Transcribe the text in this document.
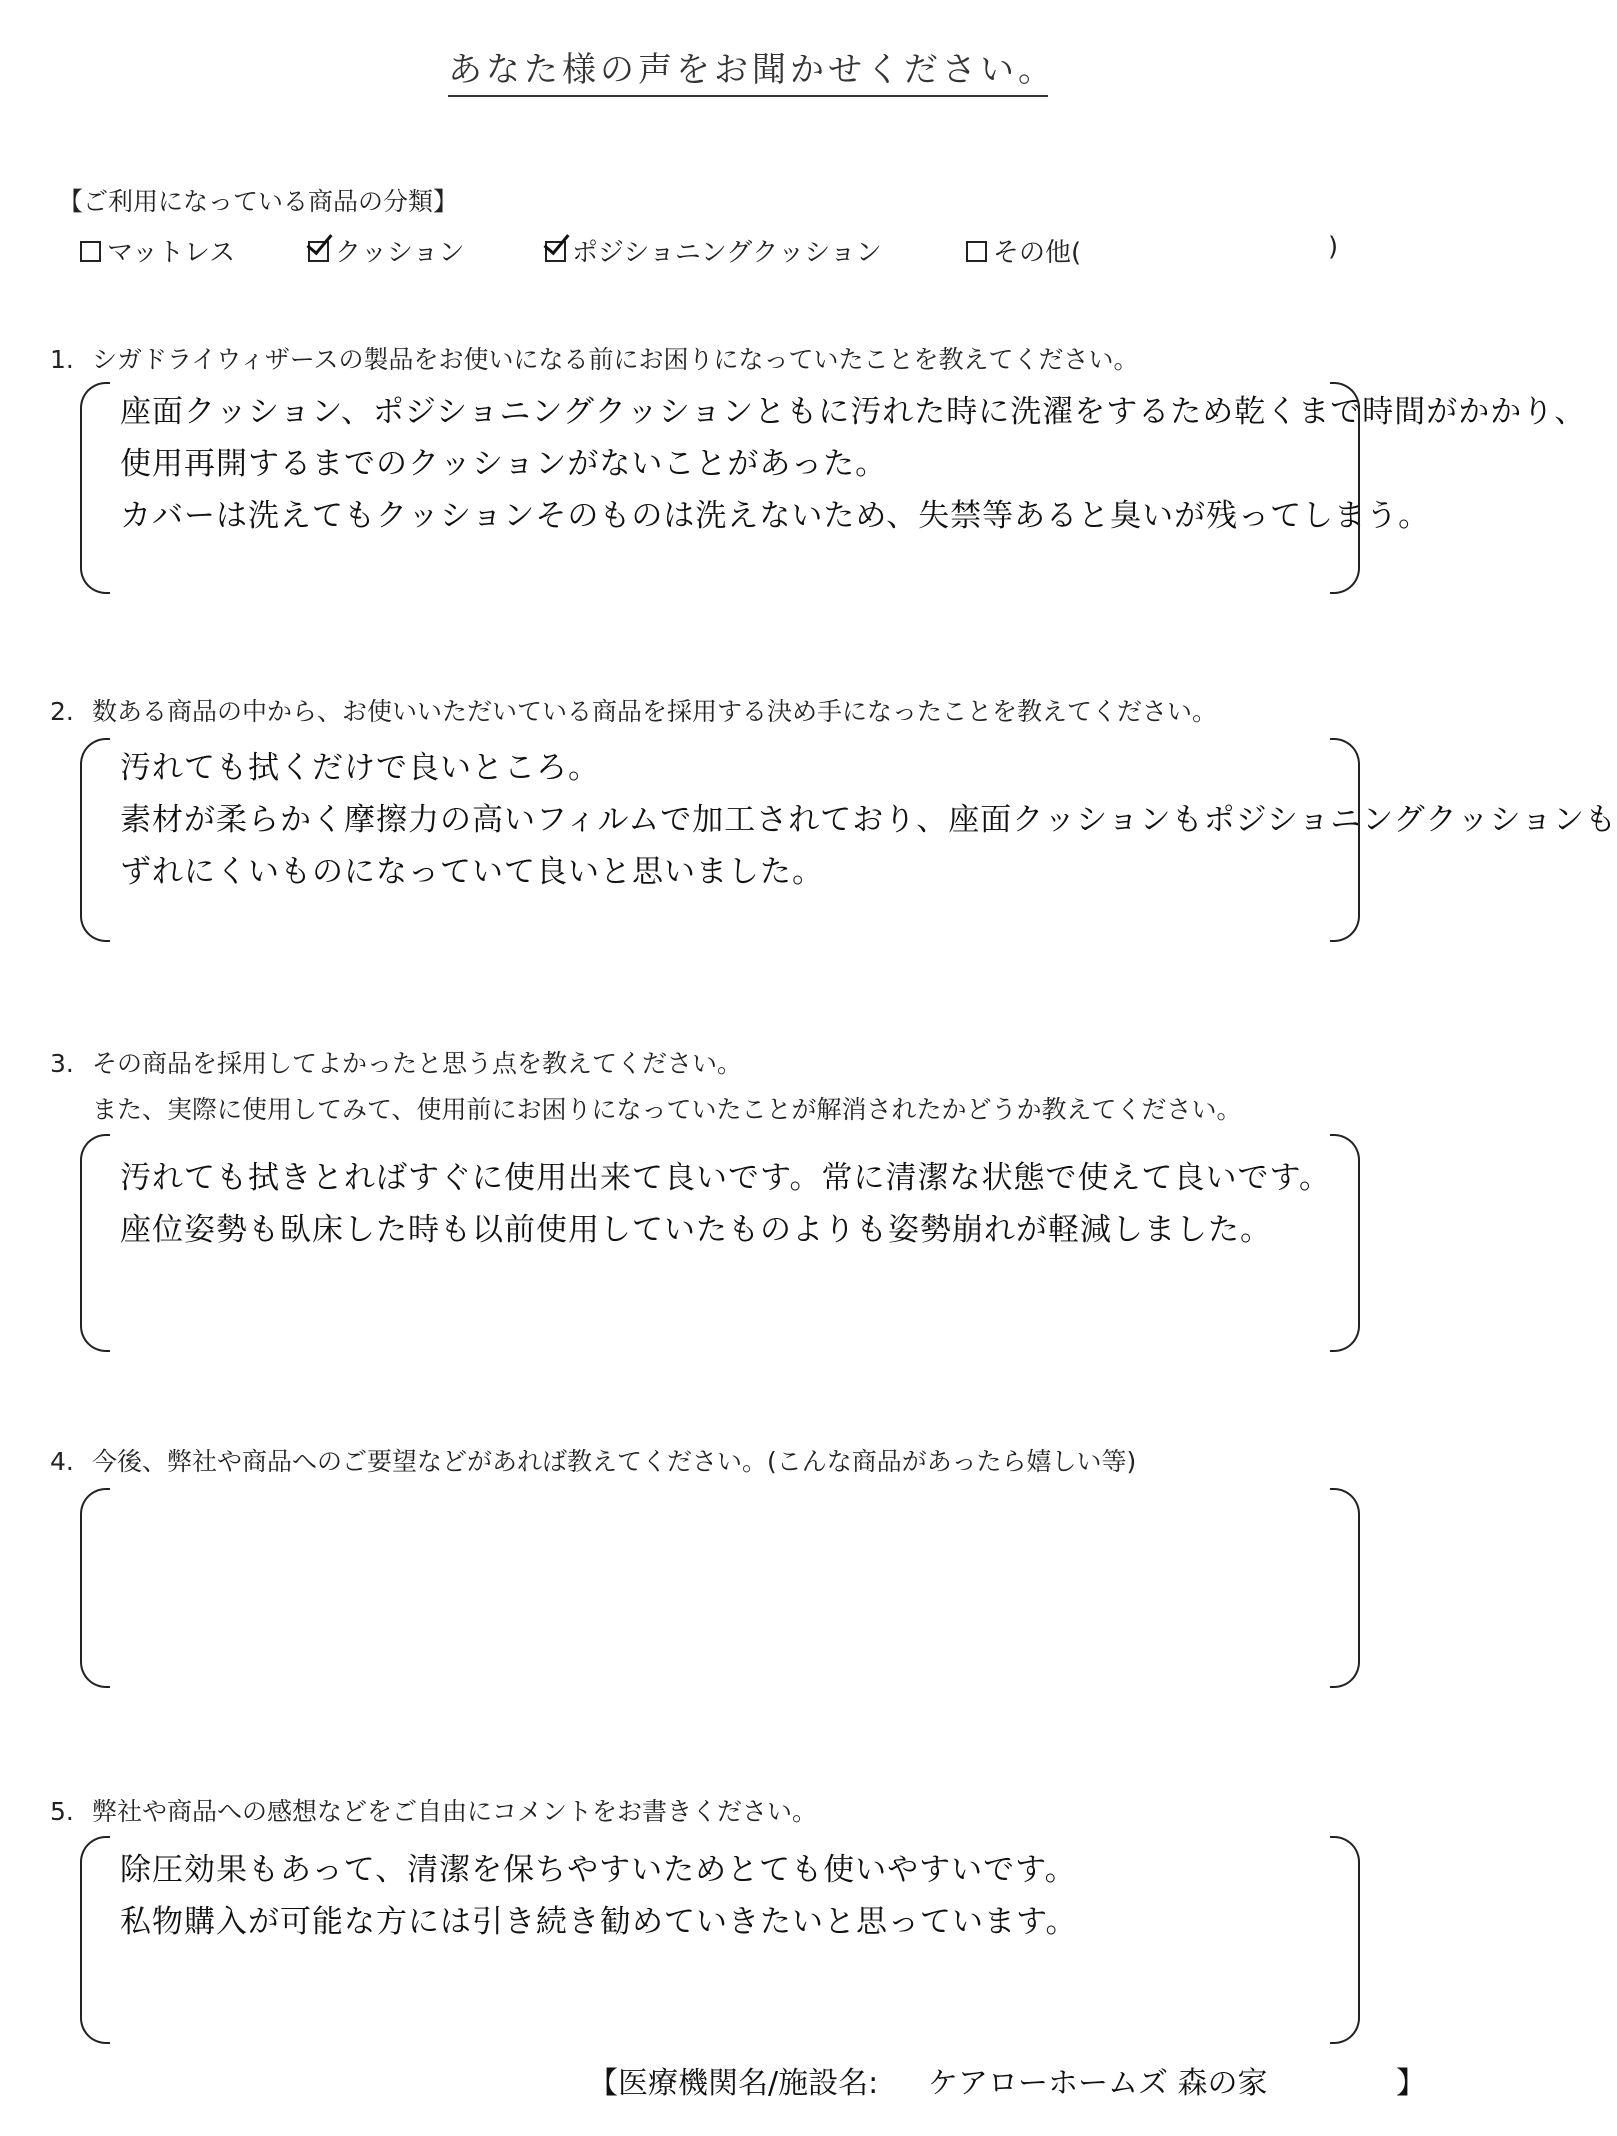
あなた様の声をお聞かせください。
【ご利用になっている商品の分類】
マットレス	クッション	ポジショニングクッション	その他(	)
1. シガドライウィザースの製品をお使いになる前にお困りになっていたことを教えてください。
座面クッション、ポジショニングクッションともに汚れた時に洗濯をするため乾くまで時間がかかり、
使用再開するまでのクッションがないことがあった。
カバーは洗えてもクッションそのものは洗えないため、失禁等あると臭いが残ってしまう。
2. 数ある商品の中から、お使いいただいている商品を採用する決め手になったことを教えてください。
汚れても拭くだけで良いところ。
素材が柔らかく摩擦力の高いフィルムで加工されており、座面クッションもポジショニングクッションも
ずれにくいものになっていて良いと思いました。
3. その商品を採用してよかったと思う点を教えてください。
また、実際に使用してみて、使用前にお困りになっていたことが解消されたかどうか教えてください。
汚れても拭きとればすぐに使用出来て良いです。常に清潔な状態で使えて良いです。
座位姿勢も臥床した時も以前使用していたものよりも姿勢崩れが軽減しました。
4. 今後、弊社や商品へのご要望などがあれば教えてください。(こんな商品があったら嬉しい等)
5. 弊社や商品への感想などをご自由にコメントをお書きください。
除圧効果もあって、清潔を保ちやすいためとても使いやすいです。
私物購入が可能な方には引き続き勧めていきたいと思っています。
【医療機関名/施設名: ケアローホームズ 森の家	】
